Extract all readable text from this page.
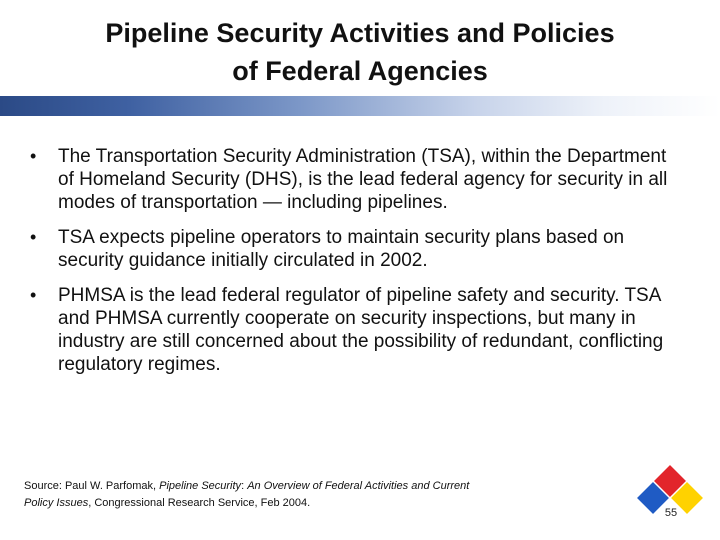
Pipeline Security Activities and Policies
of Federal Agencies
• The Transportation Security Administration (TSA), within the Department of Homeland Security (DHS), is the lead federal agency for security in all modes of transportation — including pipelines.
• TSA expects pipeline operators to maintain security plans based on security guidance initially circulated in 2002.
• PHMSA is the lead federal regulator of pipeline safety and security. TSA and PHMSA currently cooperate on security inspections, but many in industry are still concerned about the possibility of redundant, conflicting regulatory regimes.
Source: Paul W. Parfomak, Pipeline Security: An Overview of Federal Activities and Current Policy Issues, Congressional Research Service, Feb 2004.
55
